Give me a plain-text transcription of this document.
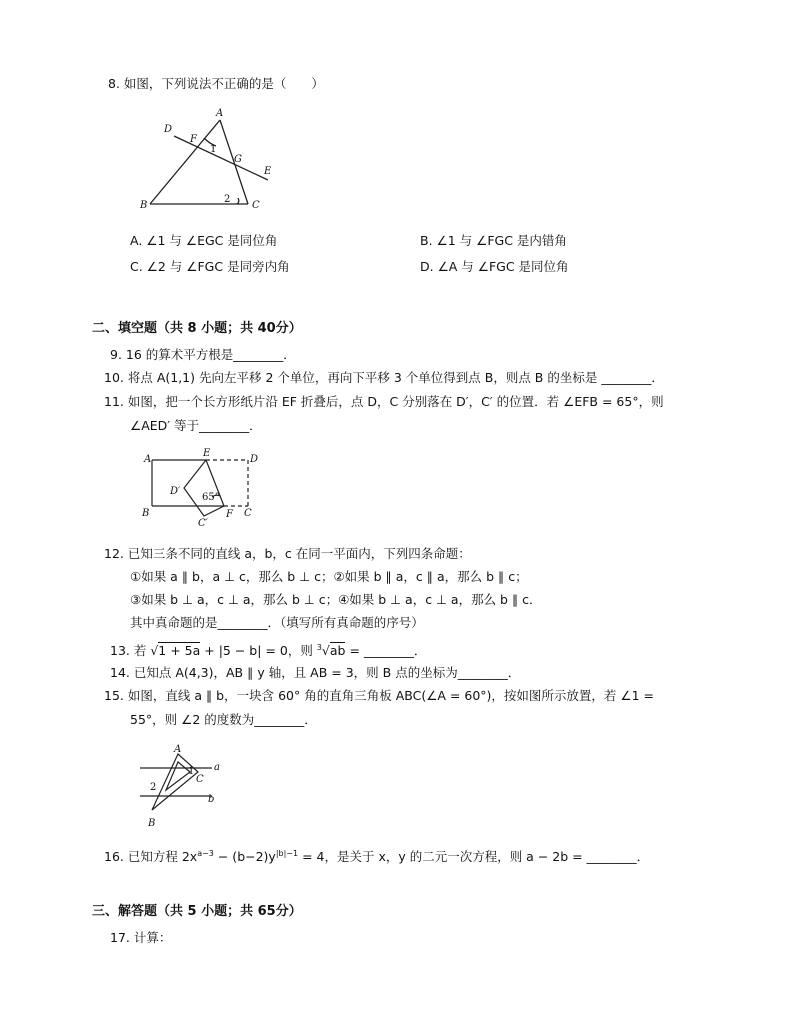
8. 如图，下列说法不正确的是（　　）
A
B	C
D
E
F
G
1
2
A. ∠1 与 ∠EGC 是同位角	B. ∠1 与 ∠FGC 是内错角
C. ∠2 与 ∠FGC 是同旁内角	D. ∠A 与 ∠FGC 是同位角
二、填空题（共 8 小题；共 40分）
9. 16 的算术平方根是________．
10. 将点 A(1,1) 先向左平移 2 个单位，再向下平移 3 个单位得到点 B，则点 B 的坐标是 ________．
11. 如图，把一个长方形纸片沿 EF 折叠后，点 D，C 分别落在 D′，C′ 的位置．若 ∠EFB = 65°，则
∠AED′ 等于________．
A
B
D
C
E
F
D′
C′
65°
12. 已知三条不同的直线 a，b，c 在同一平面内，下列四条命题：
①如果 a ∥ b，a ⊥ c，那么 b ⊥ c；②如果 b ∥ a，c ∥ a，那么 b ∥ c；
③如果 b ⊥ a，c ⊥ a，那么 b ⊥ c；④如果 b ⊥ a，c ⊥ a，那么 b ∥ c．
其中真命题的是________．（填写所有真命题的序号）
13. 若 √1 + 5a + |5 − b| = 0，则 $^3$√ab = ________．
14. 已知点 A(4,3)，AB ∥ y 轴，且 AB = 3，则 B 点的坐标为________．
15. 如图，直线 a ∥ b，一块含 60° 角的直角三角板 ABC(∠A = 60°)，按如图所示放置，若 ∠1 =
55°，则 ∠2 的度数为________．
A
C
B
a
b
1
2
16. 已知方程 $2x^{a-3} - (b-2)y^{|b|-1} = 4$，是关于 x，y 的二元一次方程，则 a − 2b = ________．
三、解答题（共 5 小题；共 65分）
17. 计算：
